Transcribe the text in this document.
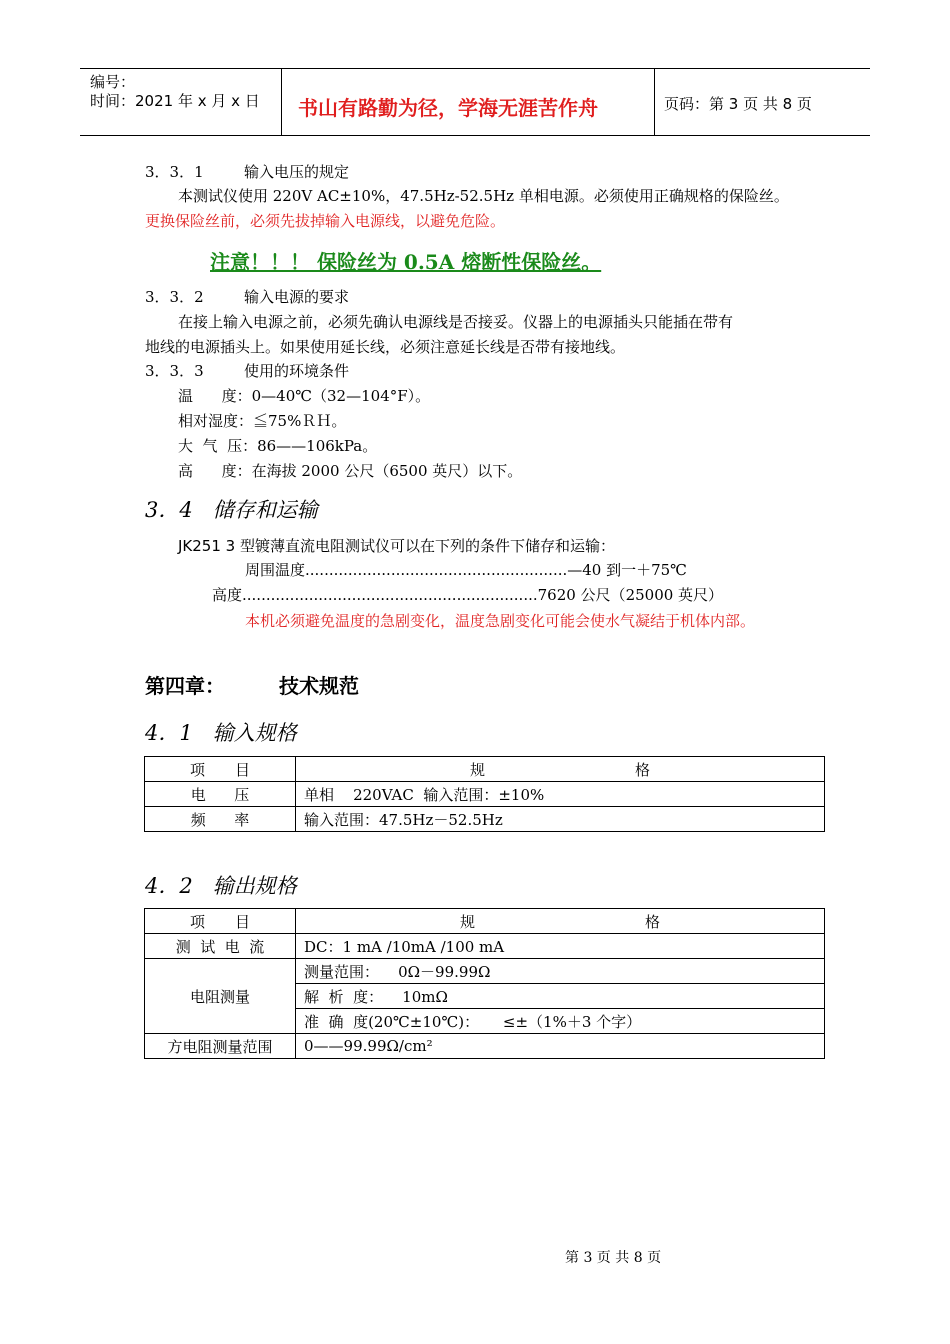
编号：
时间：2021 年 x 月 x 日 书山有路勤为径，学海无涯苦作舟	页码：第 3 页 共 8 页
3．3．1	输入电压的规定
本测试仪使用 220V AC±10%，47.5Hz-52.5Hz 单相电源。必须使用正确规格的保险丝。
更换保险丝前，必须先拔掉输入电源线，以避免危险。
注意！！！ 保险丝为 0.5A 熔断性保险丝。
3．3．2	输入电源的要求
在接上输入电源之前，必须先确认电源线是否接妥。仪器上的电源插头只能插在带有
地线的电源插头上。如果使用延长线，必须注意延长线是否带有接地线。
3．3．3	使用的环境条件
温      度：0—40℃（32—104°F）。
相对湿度：≦75%ＲＨ。
大  气  压：86——106kPa。
高      度：在海拔 2000 公尺（6500 英尺）以下。
3．4   储存和运输
JK251 3 型镀薄直流电阻测试仪可以在下列的条件下储存和运输：
周围温度.......................................................—40 到一＋75℃
高度..............................................................7620 公尺（25000 英尺）
本机必须避免温度的急剧变化，温度急剧变化可能会使水气凝结于机体内部。
第四章：	技术规范
4．1   输入规格
项 目	规 格

电      压	单相    220VAC  输入范围：±10%
频      率	输入范围：47.5Hz－52.5Hz
4．2   输出规格
项 目	规 格

测  试  电  流	DC：1 mA /10mA /100 mA
电阻测量	测量范围：    0Ω－99.99Ω
	解  析  度：    10mΩ
	准  确  度(20℃±10℃)：     ≤±（1%＋3 个字）
方电阻测量范围	0——99.99Ω/cm²
第 3 页 共 8 页
